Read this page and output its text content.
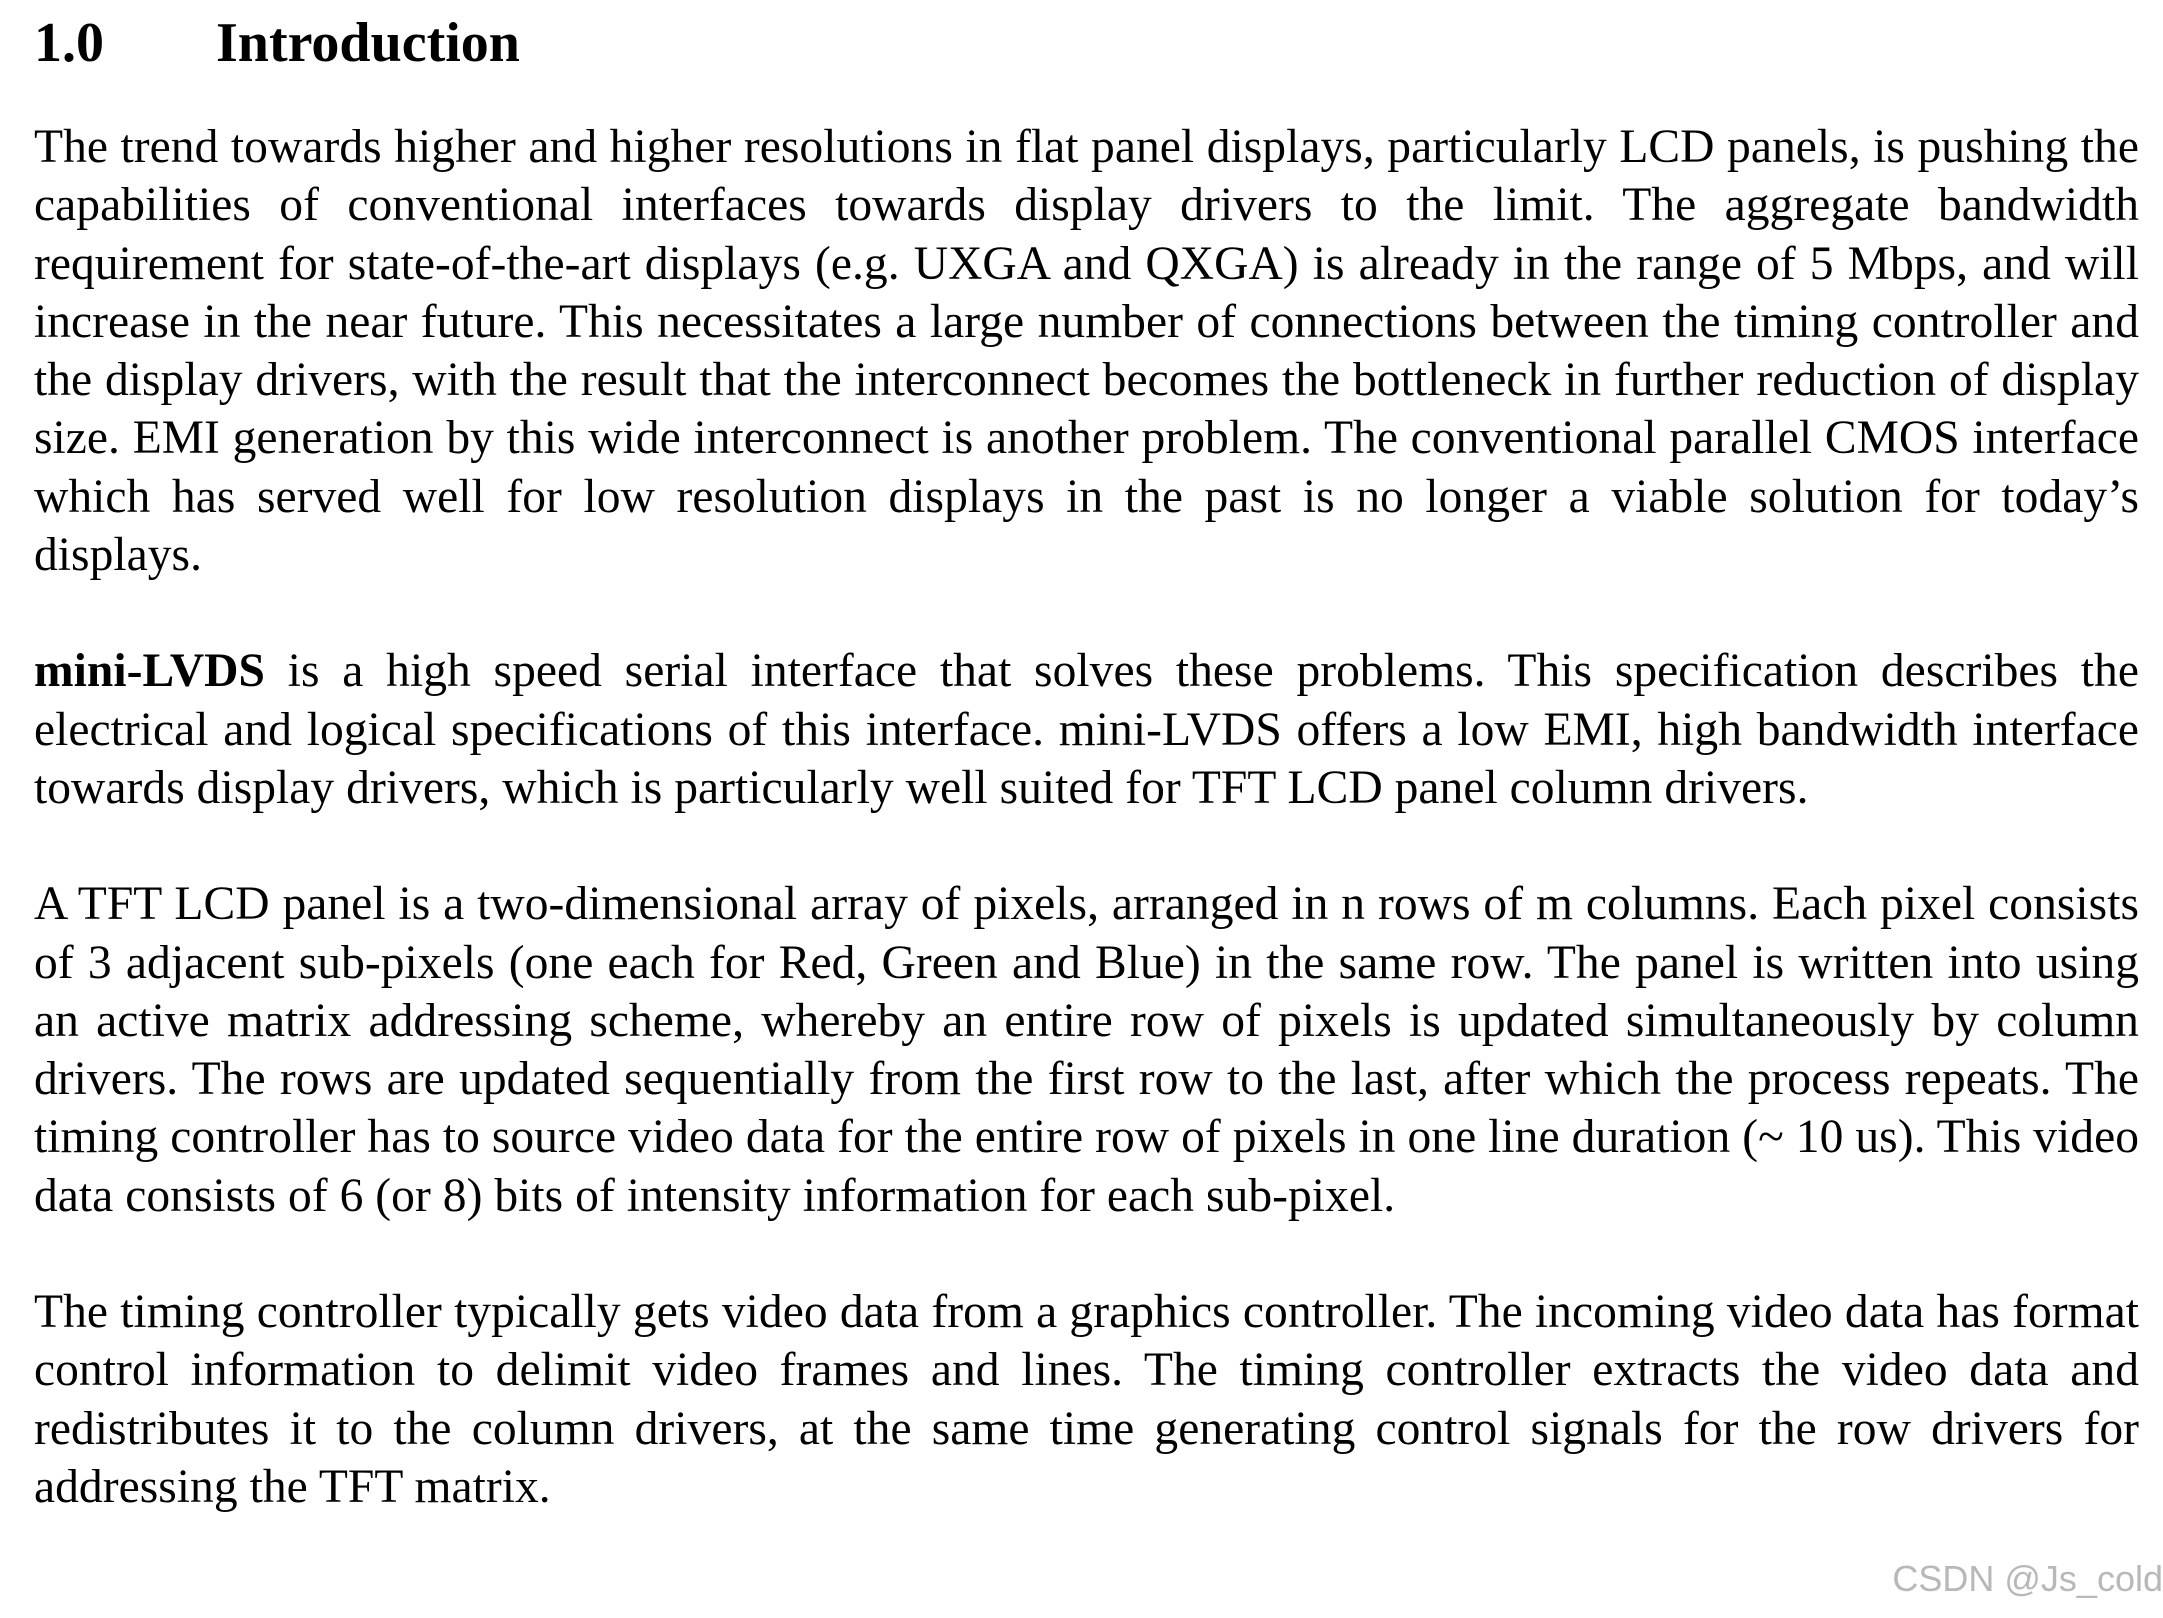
1.0	Introduction

The trend towards higher and higher resolutions in flat panel displays, particularly LCD panels, is pushing the capabilities of conventional interfaces towards display drivers to the limit. The aggregate bandwidth requirement for state-of-the-art displays (e.g. UXGA and QXGA) is already in the range of 5 Mbps, and will increase in the near future. This necessitates a large number of connections between the timing controller and the display drivers, with the result that the interconnect becomes the bottleneck in further reduction of display size. EMI generation by this wide interconnect is another problem. The conventional parallel CMOS interface which has served well for low resolution displays in the past is no longer a viable solution for today’s displays.

mini-LVDS is a high speed serial interface that solves these problems. This specification describes the electrical and logical specifications of this interface. mini-LVDS offers a low EMI, high bandwidth interface towards display drivers, which is particularly well suited for TFT LCD panel column drivers.

A TFT LCD panel is a two-dimensional array of pixels, arranged in n rows of m columns. Each pixel consists of 3 adjacent sub-pixels (one each for Red, Green and Blue) in the same row. The panel is written into using an active matrix addressing scheme, whereby an entire row of pixels is updated simultaneously by column drivers. The rows are updated sequentially from the first row to the last, after which the process repeats. The timing controller has to source video data for the entire row of pixels in one line duration (~ 10 us). This video data consists of 6 (or 8) bits of intensity information for each sub-pixel.

The timing controller typically gets video data from a graphics controller. The incoming video data has format control information to delimit video frames and lines. The timing controller extracts the video data and redistributes it to the column drivers, at the same time generating control signals for the row drivers for addressing the TFT matrix.

CSDN @Js_cold
